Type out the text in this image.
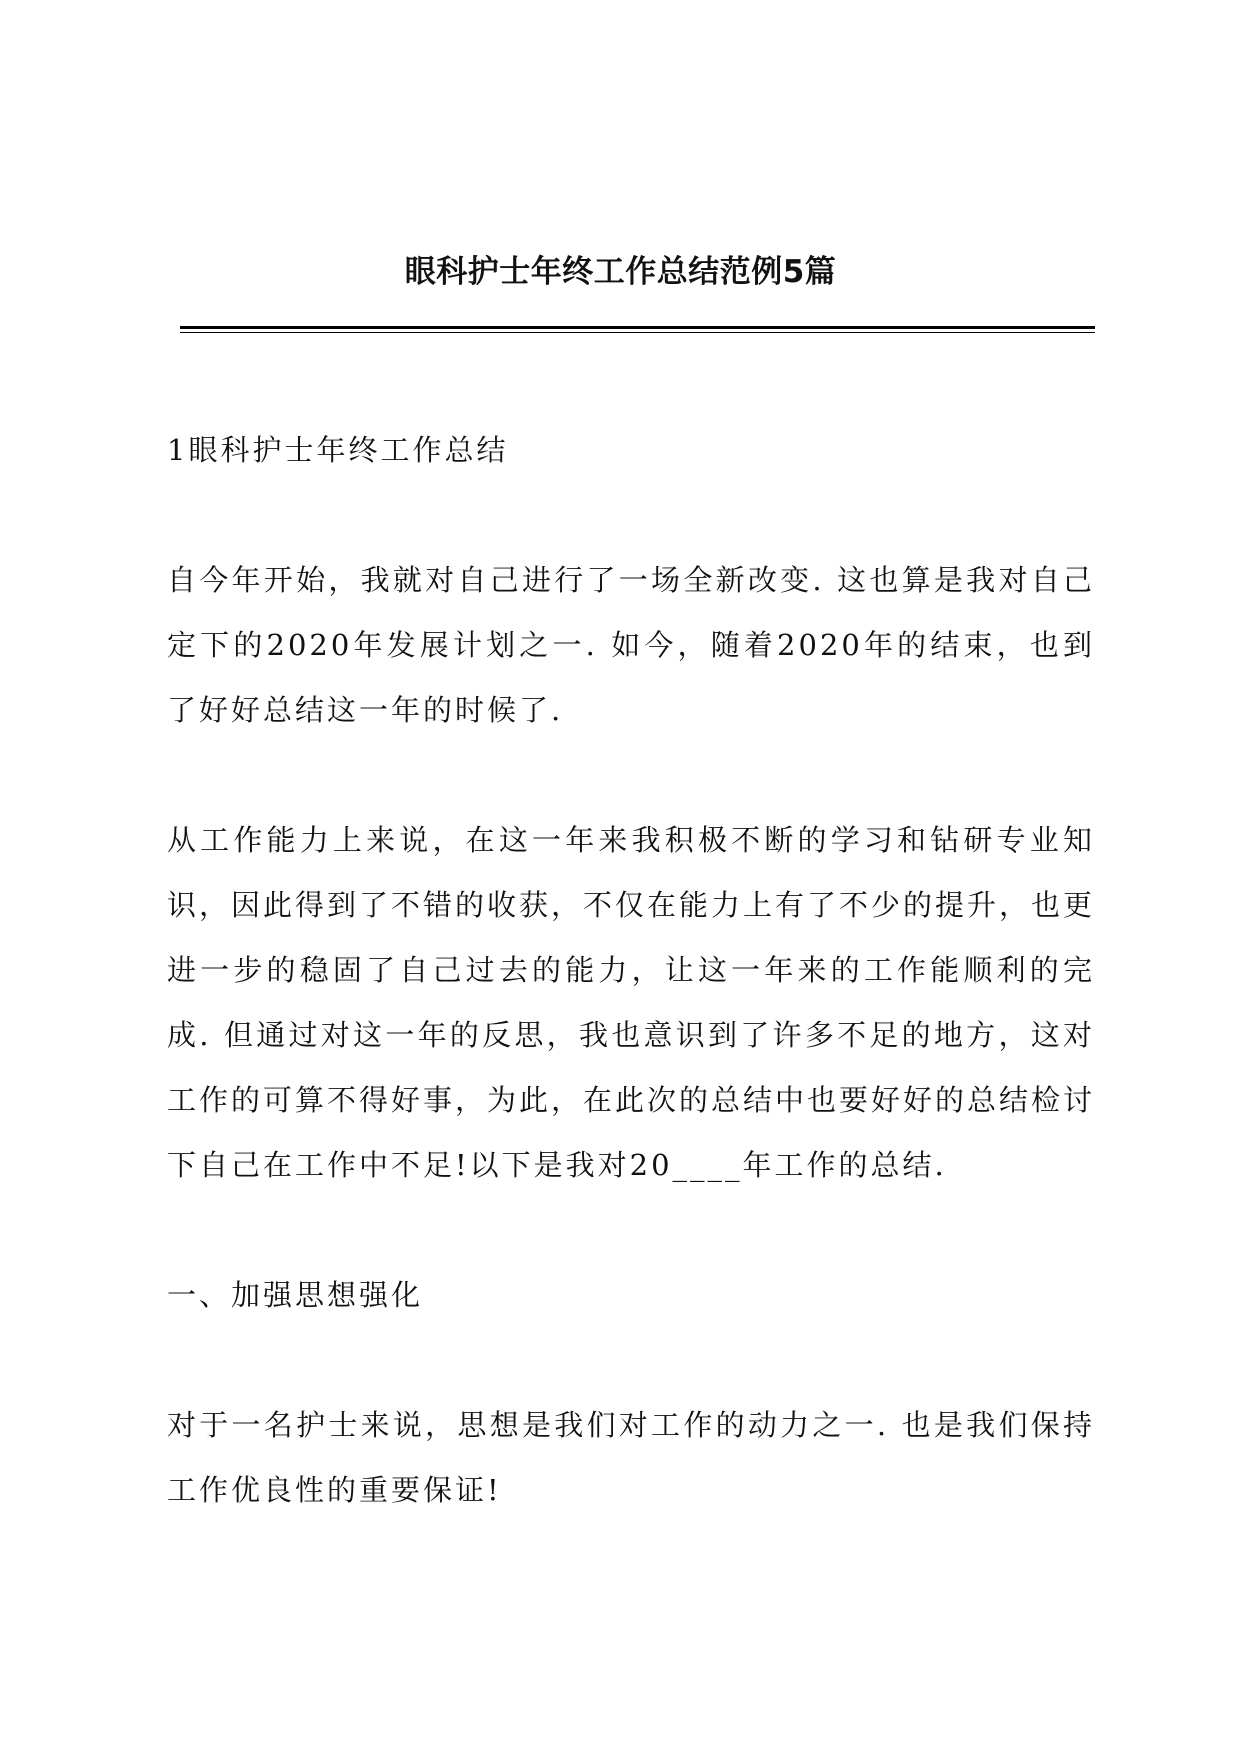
眼科护士年终工作总结范例5篇

1眼科护士年终工作总结

自今年开始，我就对自己进行了一场全新改变. 这也算是我对自己定下的2020年发展计划之一. 如今，随着2020年的结束，也到了好好总结这一年的时候了.

从工作能力上来说，在这一年来我积极不断的学习和钻研专业知识，因此得到了不错的收获，不仅在能力上有了不少的提升，也更进一步的稳固了自己过去的能力，让这一年来的工作能顺利的完成. 但通过对这一年的反思，我也意识到了许多不足的地方，这对工作的可算不得好事，为此，在此次的总结中也要好好的总结检讨下自己在工作中不足!以下是我对20____年工作的总结.

一、加强思想强化

对于一名护士来说，思想是我们对工作的动力之一. 也是我们保持工作优良性的重要保证!
